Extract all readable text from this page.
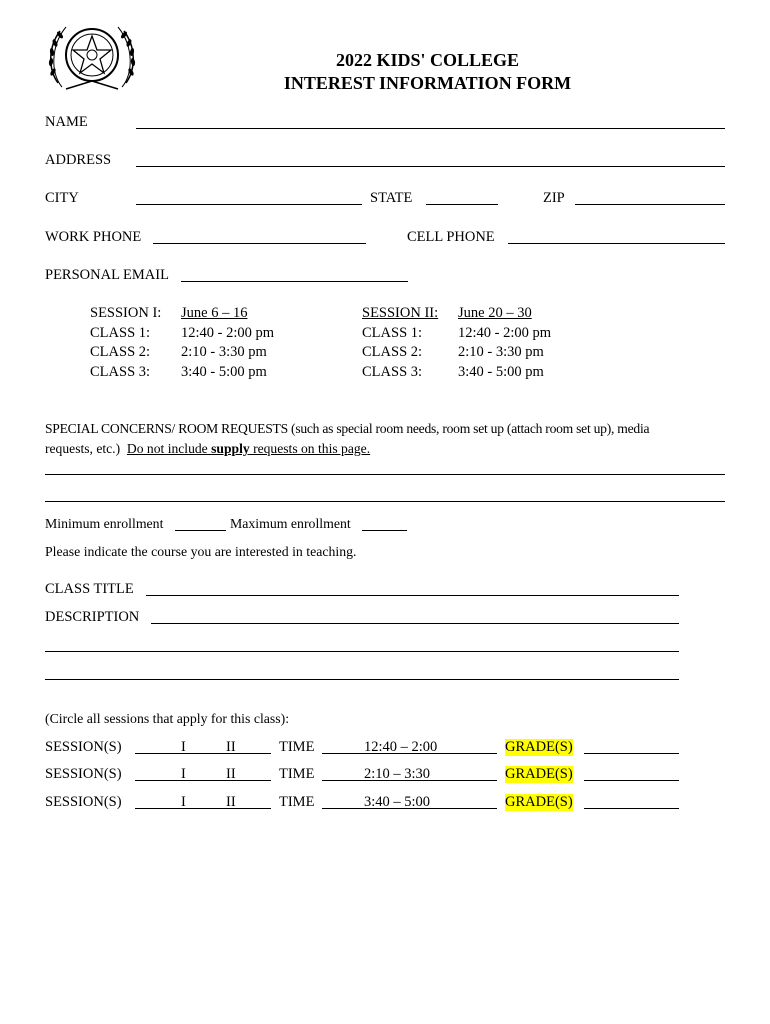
2022 KIDS' COLLEGE
INTEREST INFORMATION FORM
NAME
ADDRESS
CITY	STATE	ZIP
WORK PHONE	CELL PHONE
PERSONAL EMAIL
SESSION I: June 6 – 16
CLASS 1: 12:40 - 2:00 pm
CLASS 2: 2:10 - 3:30 pm
CLASS 3: 3:40 - 5:00 pm
SESSION II: June 20 – 30
CLASS 1: 12:40 - 2:00 pm
CLASS 2: 2:10 - 3:30 pm
CLASS 3: 3:40 - 5:00 pm
SPECIAL CONCERNS/ ROOM REQUESTS (such as special room needs, room set up (attach room set up), media
requests, etc.) Do not include supply requests on this page.
Minimum enrollment	Maximum enrollment
Please indicate the course you are interested in teaching.
CLASS TITLE
DESCRIPTION
(Circle all sessions that apply for this class):
SESSION(S)	I	II	TIME	12:40 – 2:00	GRADE(S)
SESSION(S)	I	II	TIME	2:10 – 3:30	GRADE(S)
SESSION(S)	I	II	TIME	3:40 – 5:00	GRADE(S)
